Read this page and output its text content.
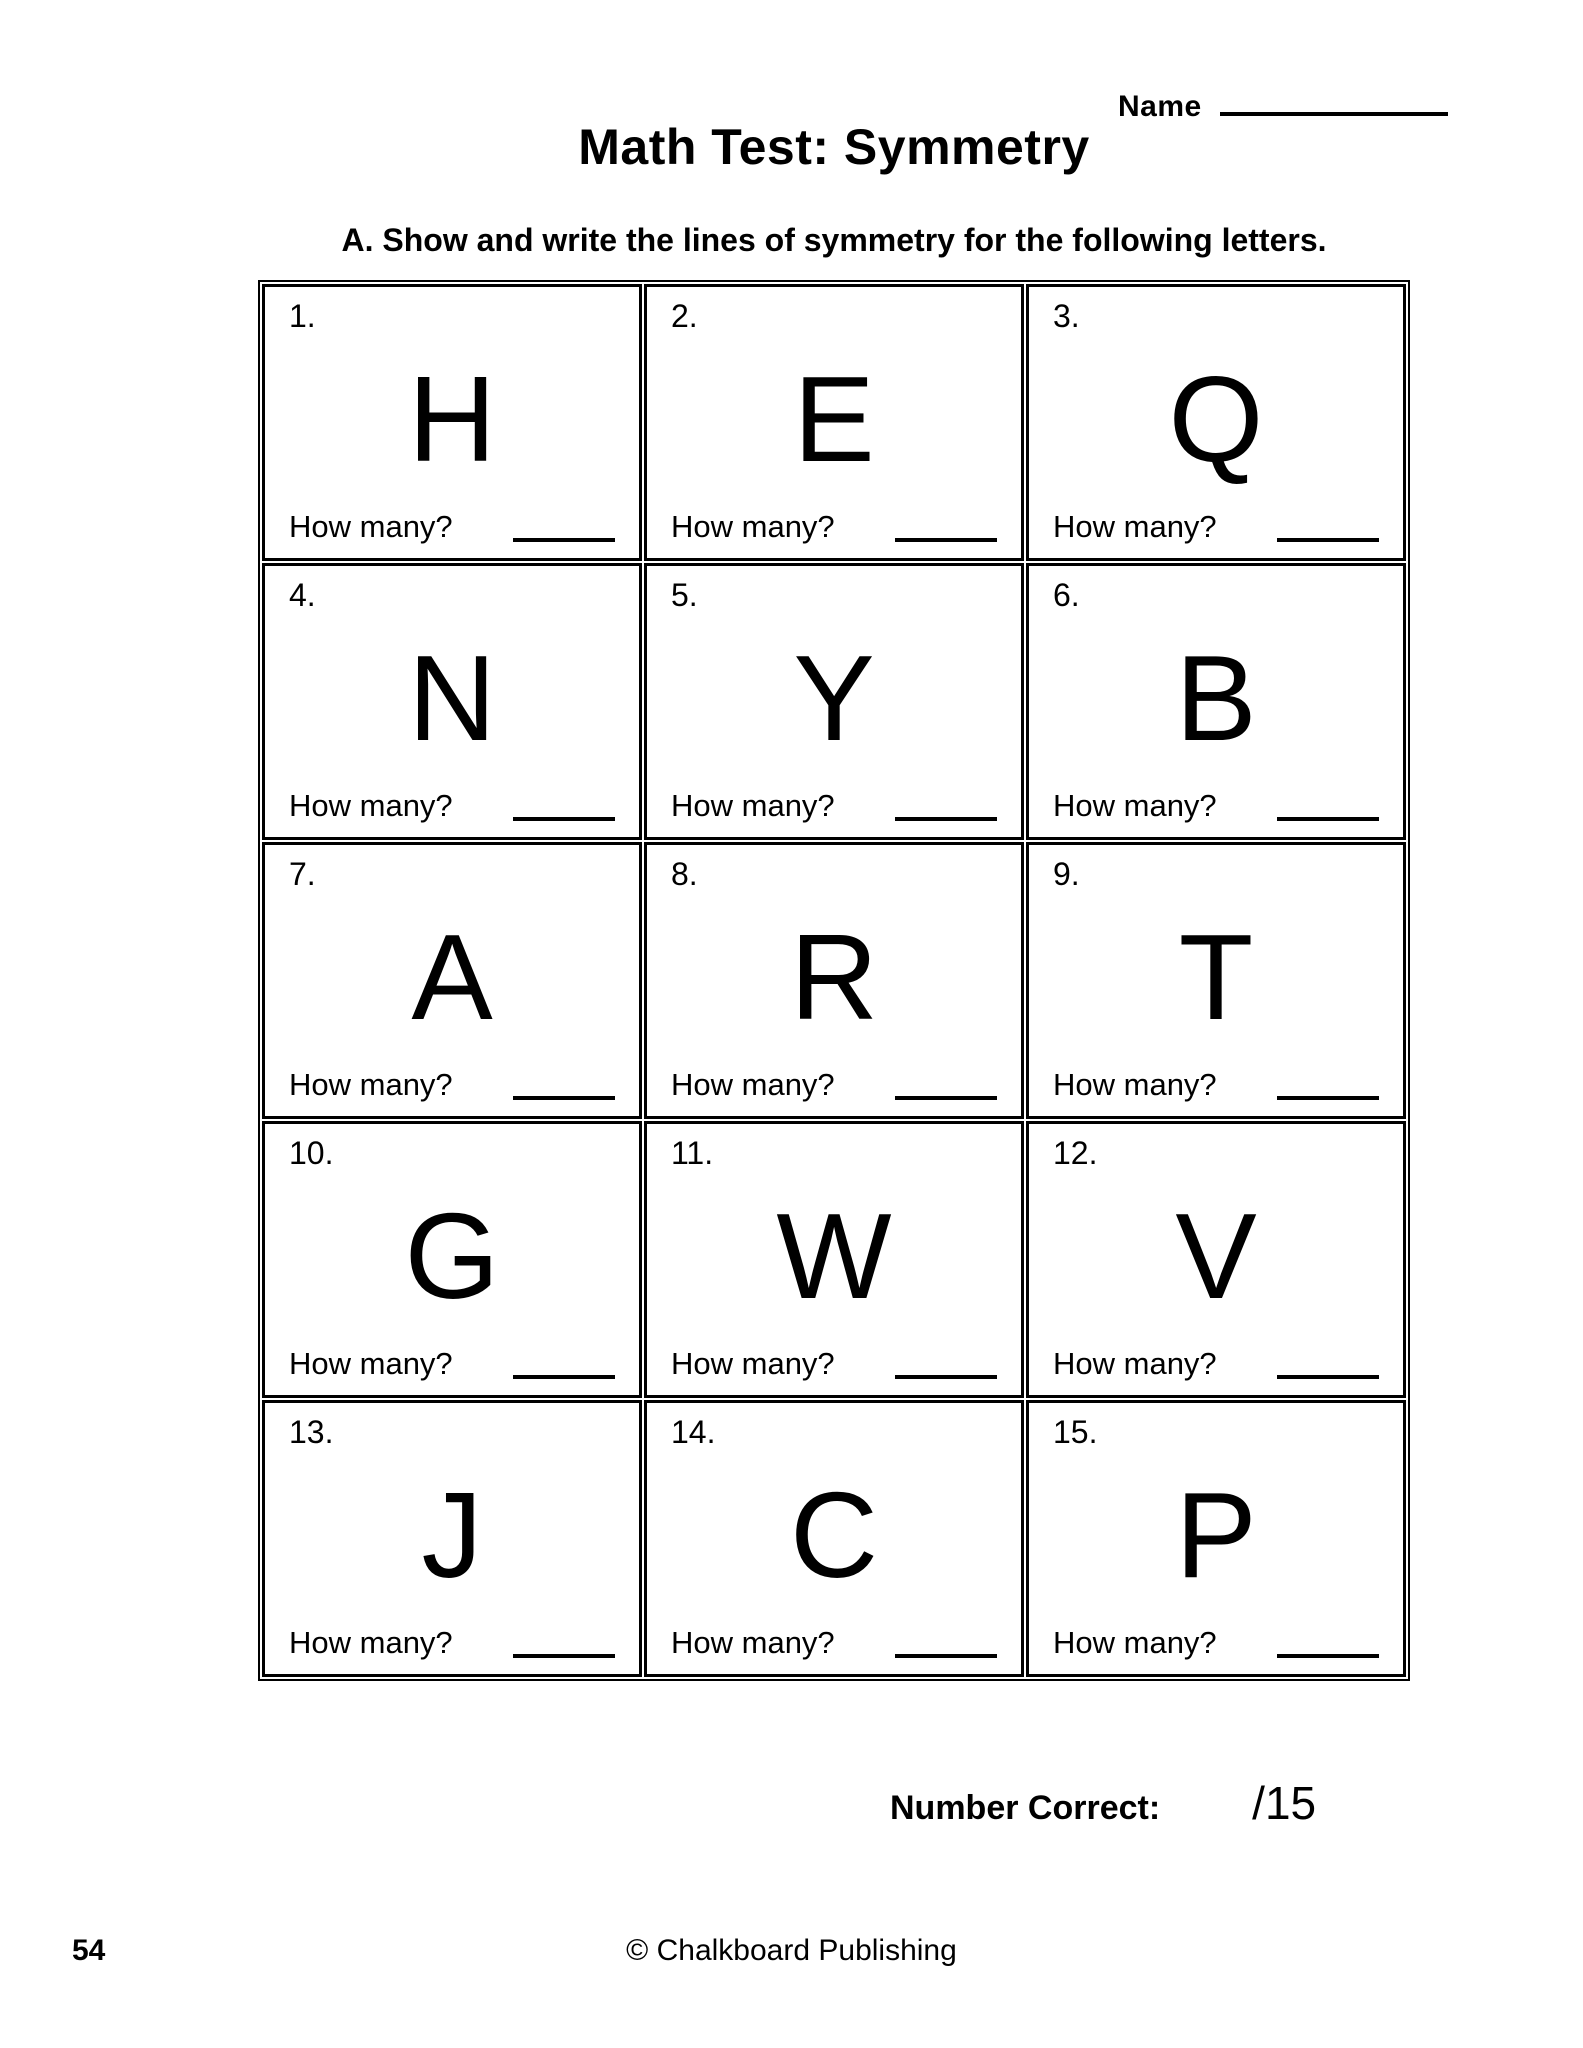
Name
Math Test: Symmetry
A. Show and write the lines of symmetry for the following letters.
1.
H
How many?

2.
E
How many?

3.
Q
How many?

4.
N
How many?

5.
Y
How many?

6.
B
How many?

7.
A
How many?

8.
R
How many?

9.
T
How many?

10.
G
How many?

11.
W
How many?

12.
V
How many?

13.
J
How many?

14.
C
How many?

15.
P
How many?
Number Correct: /15
54	© Chalkboard Publishing
